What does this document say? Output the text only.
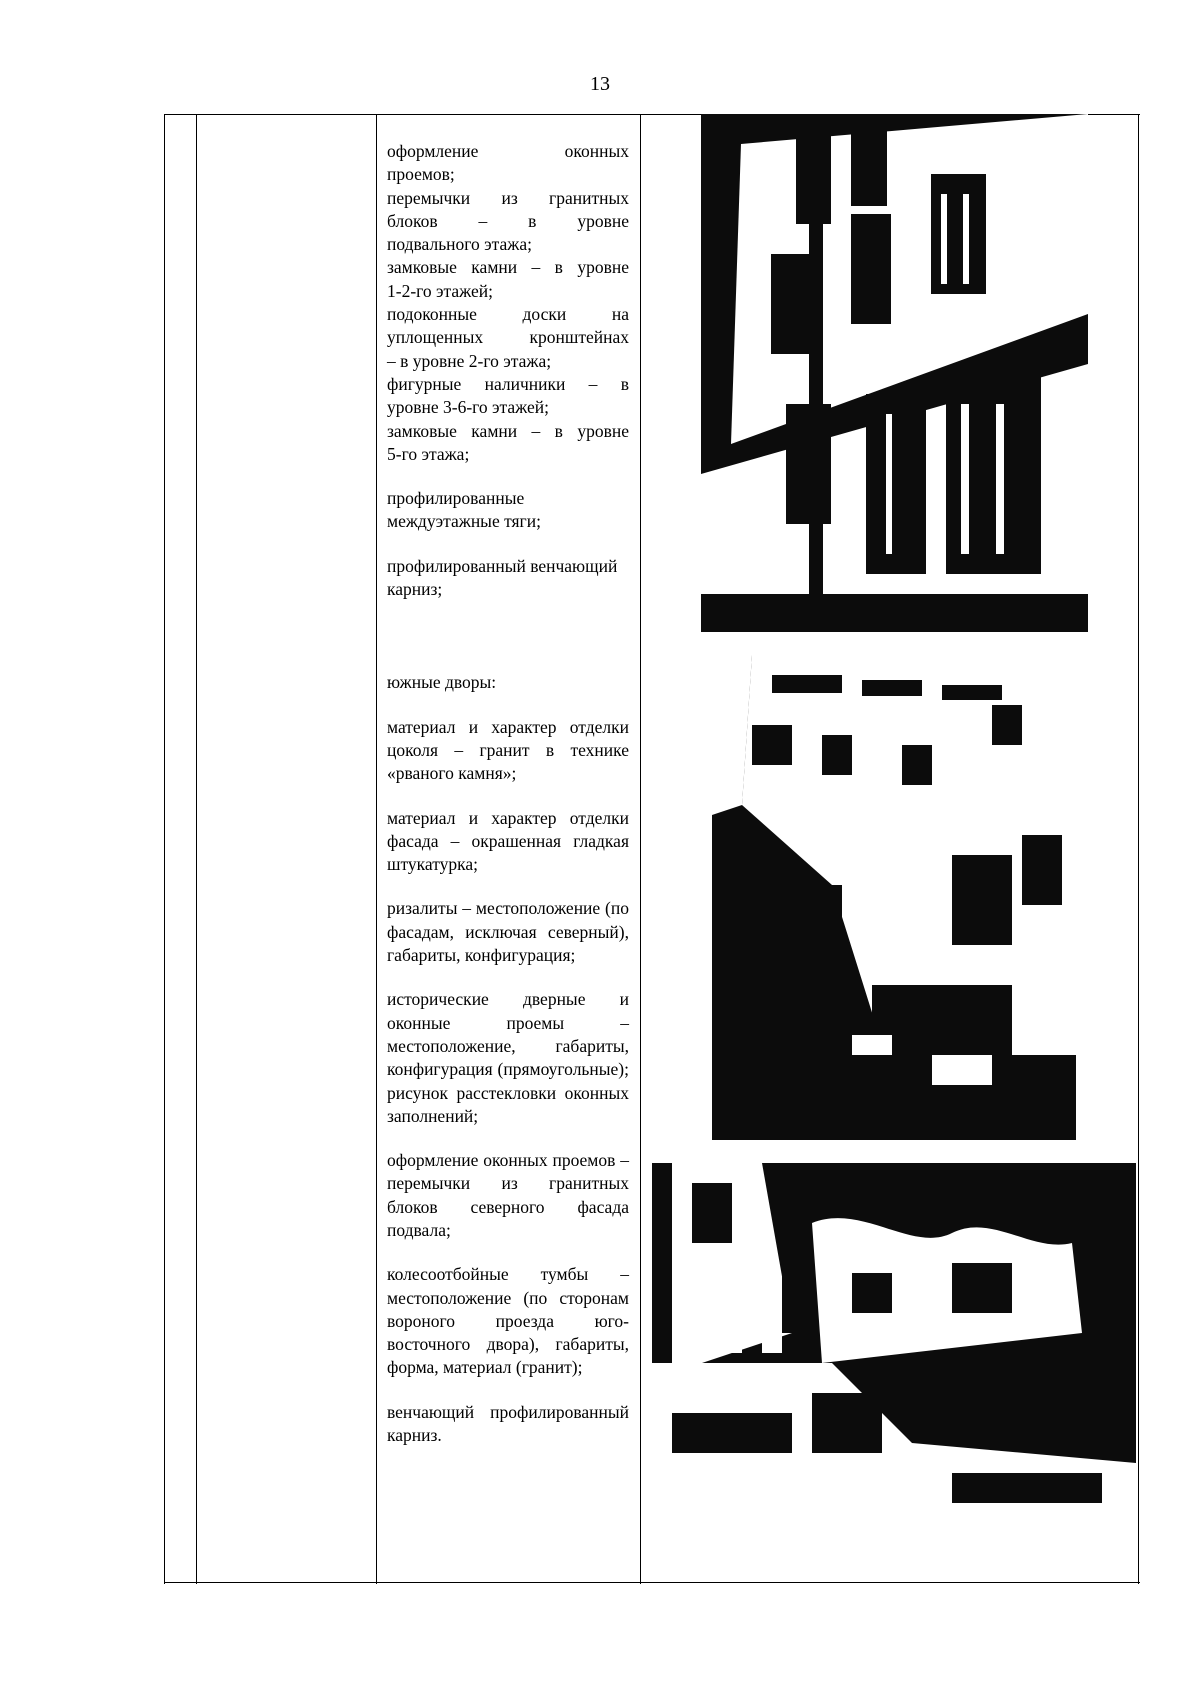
13
оформление оконных
проемов;
перемычки из гранитных блоков – в уровне
подвального этажа;
замковые камни – в уровне
1-2-го этажей;
подоконные доски на уплощенных кронштейнах
– в уровне 2-го этажа;
фигурные наличники – в
уровне 3-6-го этажей;
замковые камни – в уровне
5-го этажа;
профилированные междуэтажные тяги;
профилированный венчающий карниз;
южные дворы:
материал и характер отделки цоколя – гранит в технике «рваного камня»;
материал и характер отделки фасада – окрашенная гладкая штукатурка;
ризалиты – местоположение (по фасадам, исключая северный), габариты, конфигурация;
исторические дверные и оконные проемы – местоположение, габариты, конфигурация (прямоугольные); рисунок расстекловки оконных заполнений;
оформление оконных проемов – перемычки из гранитных блоков северного фасада подвала;
колесоотбойные тумбы – местоположение (по сторонам вороного проезда юго-восточного двора), габариты, форма, материал (гранит);
венчающий профилированный карниз.
